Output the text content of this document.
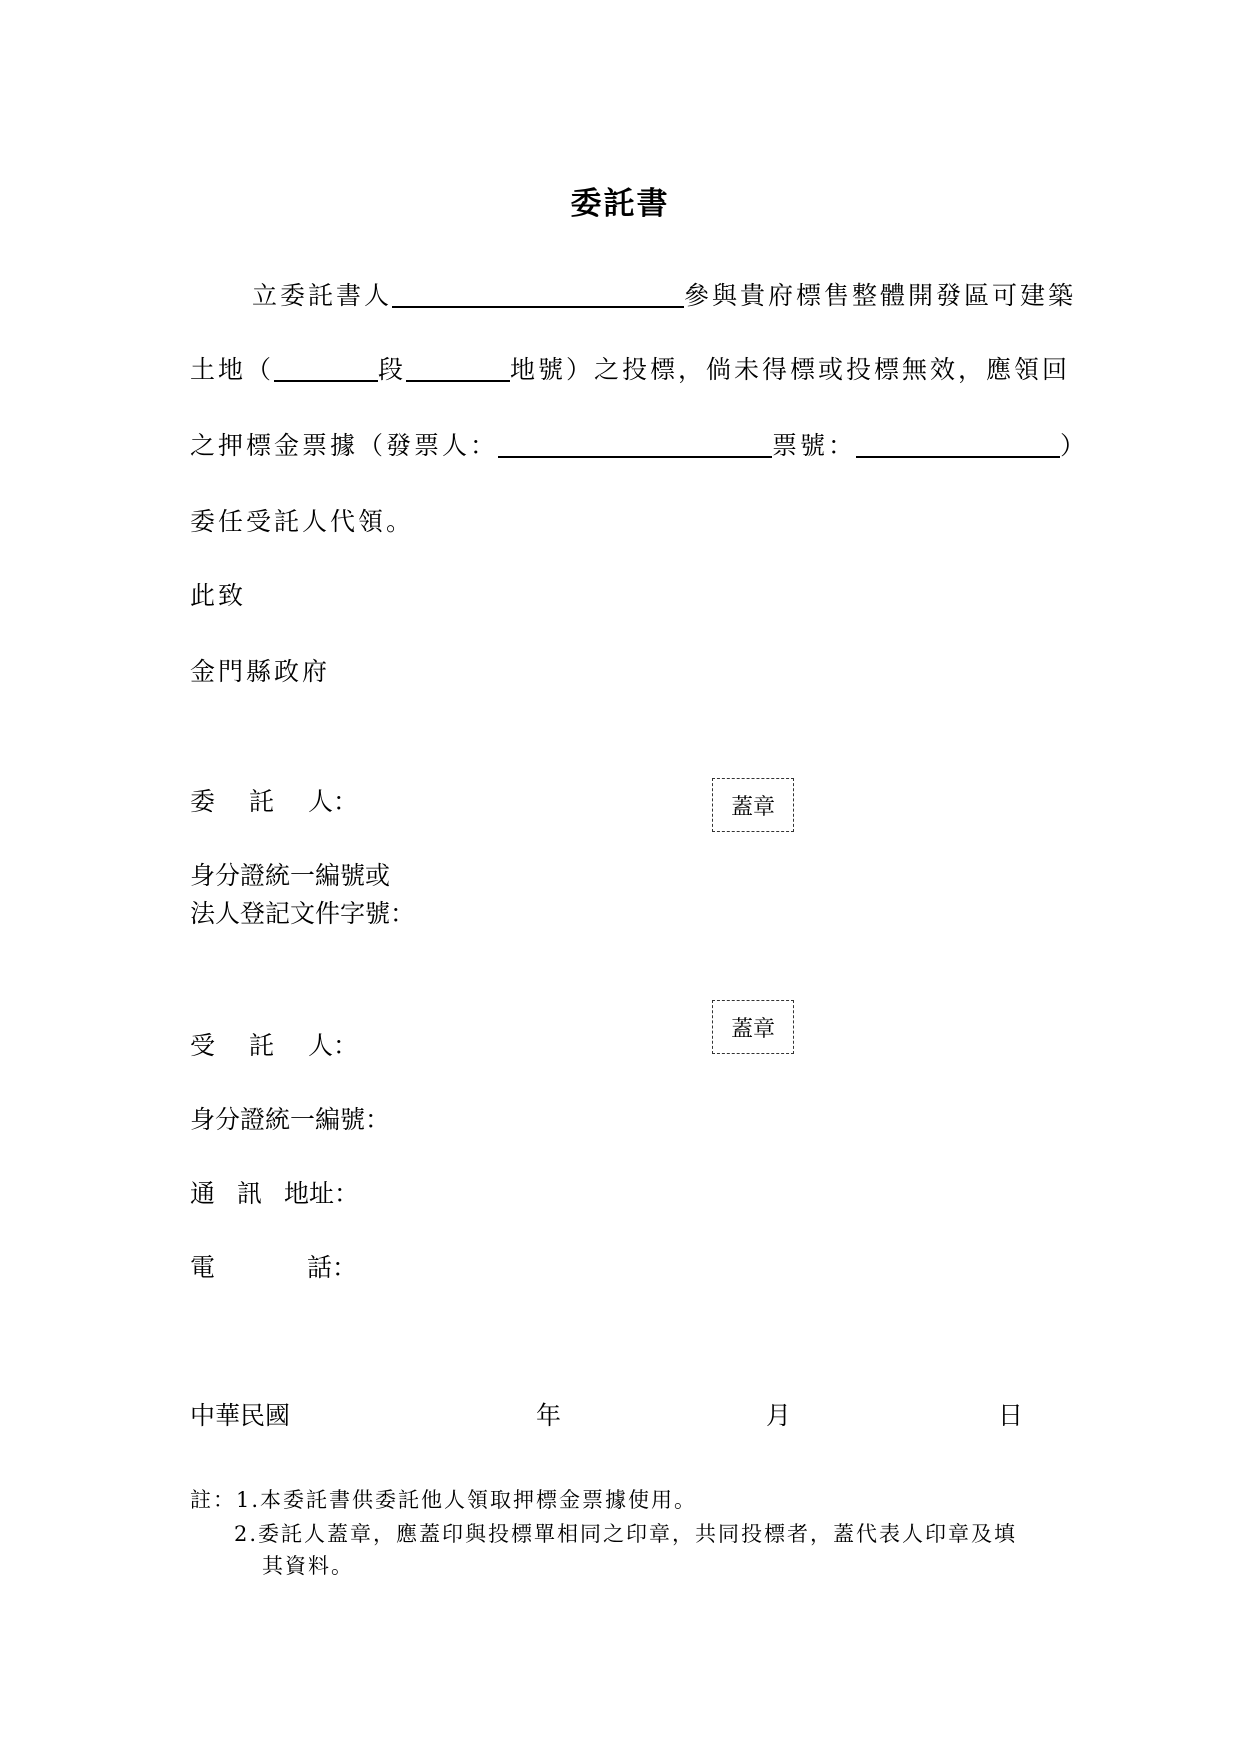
委託書
立委託書人	參與貴府標售整體開發區可建築
土地（	段	地號）之投標，倘未得標或投標無效，應領回
之押標金票據（發票人：	票號：	）
委任受託人代領。
此致
金門縣政府
委 託 人：	蓋章
身分證統一編號或
法人登記文件字號：
蓋章
受 託 人：
身分證統一編號：
通 訊 地址：
電	話：
中華民國	年	月	日
註：1.本委託書供委託他人領取押標金票據使用。
2.委託人蓋章，應蓋印與投標單相同之印章，共同投標者，蓋代表人印章及填
其資料。
